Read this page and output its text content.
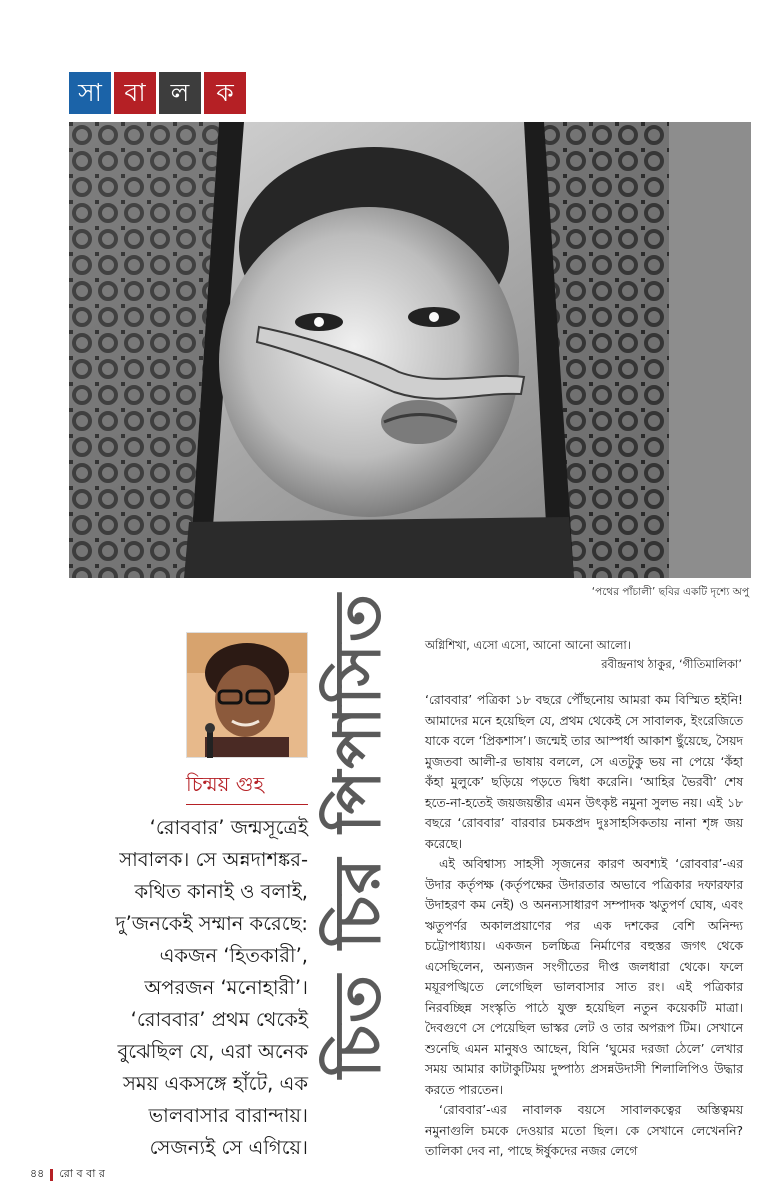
সা বা	ল	ক
‘পথের পাঁচালী’ ছবির একটি দৃশ্যে অপু
চিন্ময় গুহ
‘রোববার’ জন্মসূত্রেই সাবালক। সে অন্নদাশঙ্কর-কথিত কানাই ও বলাই, দু’জনকেই সম্মান করেছে: একজন ‘হিতকারী’, অপরজন ‘মনোহারী’। ‘রোববার’ প্রথম থেকেই বুঝেছিল যে, এরা অনেক সময় একসঙ্গে হাঁটে, এক ভালবাসার বারান্দায়। সেজন্যই সে এগিয়ে।
চিত চির পিপাসিত	অগ্নিশিখা, এসো এসো, আনো আনো আলো।
রবীন্দ্রনাথ ঠাকুর, ‘গীতিমালিকা’

‘রোববার’ পত্রিকা ১৮ বছরে পৌঁছনোয় আমরা কম বিস্মিত হইনি! আমাদের মনে হয়েছিল যে, প্রথম থেকেই সে সাবালক, ইংরেজিতে যাকে বলে ‘প্রিকশাস’। জন্মেই তার আস্পর্ধা আকাশ ছুঁয়েছে, সৈয়দ মুজতবা আলী-র ভাষায় বললে, সে এতটুকু ভয় না পেয়ে ‘কঁহা কঁহা মুলুকে’ ছড়িয়ে পড়তে দ্বিধা করেনি। ‘আহির ভৈরবী’ শেষ হতে-না-হতেই জয়জয়ন্তীর এমন উৎকৃষ্ট নমুনা সুলভ নয়। এই ১৮ বছরে ‘রোববার’ বারবার চমকপ্রদ দুঃসাহসিকতায় নানা শৃঙ্গ জয় করেছে।

এই অবিশ্বাস্য সাহসী সৃজনের কারণ অবশ্যই ‘রোববার’-এর উদার কর্তৃপক্ষ (কর্তৃপক্ষের উদারতার অভাবে পত্রিকার দফারফার উদাহরণ কম নেই) ও অনন্যসাধারণ সম্পাদক ঋতুপর্ণ ঘোষ, এবং ঋতুপর্ণর অকালপ্রয়াণের পর এক দশকের বেশি অনিন্দ্য চট্টোপাধ্যায়। একজন চলচ্চিত্র নির্মাণের বহুস্তর জগৎ থেকে এসেছিলেন, অন্যজন সংগীতের দীপ্ত জলধারা থেকে। ফলে ময়ূরপঙ্খিতে লেগেছিল ভালবাসার সাত রং। এই পত্রিকার নিরবচ্ছিন্ন সংস্কৃতি পাঠে যুক্ত হয়েছিল নতুন কয়েকটি মাত্রা। দৈবগুণে সে পেয়েছিল ভাস্কর লেট ও তার অপরূপ টিম। সেখানে শুনেছি এমন মানুষও আছেন, যিনি ‘ঘুমের দরজা ঠেলে’ লেখার সময় আমার কাটাকুটিময় দুষ্পাঠ্য প্রসন্নউদাসী শিলালিপিও উদ্ধার করতে পারতেন।

‘রোববার’-এর নাবালক বয়সে সাবালকত্বের অস্তিত্বময় নমুনাগুলি চমকে দেওয়ার মতো ছিল। কে সেখানে লেখেননি? তালিকা দেব না, পাছে ঈর্ষুকদের নজর লেগে

৪৪ রো ব বা র
